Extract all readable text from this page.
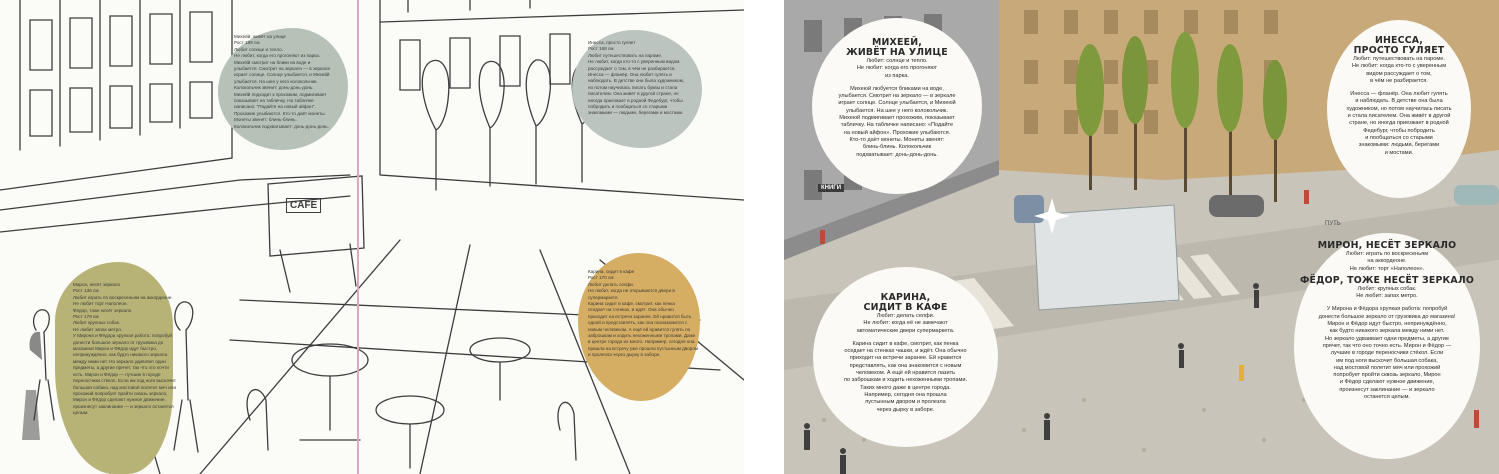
CAFE
Михейй, живёт на улице
Рост 188 см
Любит солнце и тепло.
Не любит, когда его прогоняют из парка.
Михейй смотрит на блики на воде и
улыбается. Смотрит на зеркало — в зеркале
играет солнце. Солнце улыбается, и Михейй
улыбается. На шее у него колокольчик.
Колокольчик звенит: донь-донь-донь.
Михейй подходит к прохожим, подмигивает
показывает на табличку. На табличке
написано: "Подайте на новый айфон".
Прохожие улыбаются. Кто-то даёт монеты.
Монеты звенят: блинь-блинь.
Колокольчик подхватывает: донь-донь-донь.
Инесса, просто гуляет
Рост 168 см
Любит путешествовать на пароме.
Не любит, когда кто-то с уверенным видом
рассуждает о том, в чём не разбирается.
Инесса — фланёр. Она любит гулять и
наблюдать. В детстве она была художником,
но потом научилась писать буквы и стала
писателем. Она живёт в другой стране, но
иногда приезжает в родной Федебург, чтобы
побродить и пообщаться со старыми
знакомыми — людьми, берегами и мостами.
Мирон, несёт зеркало
Рост 136 см
Любит играть по воскресеньям на аккордеоне.
Не любит торт Наполеон.
Фёдор, тоже несёт зеркало
Рост 179 см
Любит крупных собак.
Не любит запах метро.
У Мирона и Фёдора хрупкая работа: попробуй
донести большое зеркало от грузовика до
магазина! Мирон и Фёдор идут быстро,
непринуждённо, как будто никакого зеркала
между ними нет. Но зеркало удивляет одни
предметы, а другие прячет, так что это почти
есть. Мирон и Фёдор — лучшие в городе
переносчики стёкол. Если им под ноги выскочит
большая собака, над мостовой полетит мяч или
прохожий попробует пройти сквозь зеркало,
Мирон и Фёдор сделают нужное движение,
произнесут заклинание — и зеркало останется
целым.
Карина, сидит в кафе
Рост 170 см
Любит делать селфи.
Не любит, когда не открываются двери в
супермаркете.
Карина сидит в кафе, смотрит, как пенка
оседает на стенках, и ждёт. Она обычно
приходит на встречи заранее. Ей нравится быть
одной и представлять, как она познакомится с
новым человеком. А ещё ей нравится гулять по
заброшкам и ходить нехоженными тропами. Даже
в центре города их много. Например, сегодня она
пришла на встречу уже прошла пустынным двором
и пролезла через дырку в заборе.
КНИГИ
ПУТЬ
МИХЕЕЙ,
ЖИВЁТ НА УЛИЦЕ
Любит: солнце и тепло.
Не любит: когда его прогоняют
из парка.
Михеюй любуется бликами на воде,
улыбается. Смотрит на зеркало — в зеркале
играет солнце. Солнце улыбается, и Михеюй
улыбается. На шее у него колокольчик.
Михеюй подмигивает прохожим, показывает
табличку. На табличке написано: «Подайте
на новый айфон». Прохожие улыбаются.
Кто-то даёт монеты. Монеты звенят:
блинь-блинь. Колокольчик
подхватывает: донь-донь-донь.
ИНЕССА,
ПРОСТО ГУЛЯЕТ
Любит: путешествовать на пароме.
Не любит: когда кто-то с уверенным
видом рассуждает о том,
в чём не разбирается.
Инесса — фланёр. Она любит гулять
и наблюдать. В детстве она была
художником, но потом научилась писать
и стала писателем. Она живёт в другой
стране, но иногда приезжает в родной
Федебург, чтобы побродить
и пообщаться со старыми
знакомыми: людьми, берегами
и мостами.
КАРИНА,
СИДИТ В КАФЕ
Любит: делать селфи.
Не любит: когда её не замечают
автоматические двери супермаркета.
Карина сидит в кафе, смотрит, как пенка
оседает на стенках чашки, и ждёт. Она обычно
приходит на встречи заранее. Ей нравится
представлять, как она знакомится с новым
человеком. А ещё ей нравится лазить
по заброшкам и ходить нехоженными тропами.
Таких много даже в центре города.
Например, сегодня она прошла
пустынным двором и пролезла
через дырку в заборе.
МИРОН, НЕСЁТ ЗЕРКАЛО
Любит: играть по воскресеньям
на аккордеоне.
Не любит: торт «Наполеон».
ФЁДОР, ТОЖЕ НЕСЁТ ЗЕРКАЛО
Любит: крупных собак.
Не любит: запах метро.
У Мирона и Фёдора хрупкая работа: попробуй
донести большое зеркало от грузовика до магазина!
Мирон и Фёдор идут быстро, непринуждённо,
как будто никакого зеркала между ними нет.
Но зеркало удваивает одни предметы, а другие
прячет, так что оно точно есть. Мирон и Фёдор —
лучшие в городе переносчики стёкол. Если
им под ноги выскочит большая собака,
над мостовой полетит мяч или прохожий
попробует пройти сквозь зеркало, Мирон
и Фёдор сделают нужное движение,
произнесут заклинание — и зеркало
останется целым.
